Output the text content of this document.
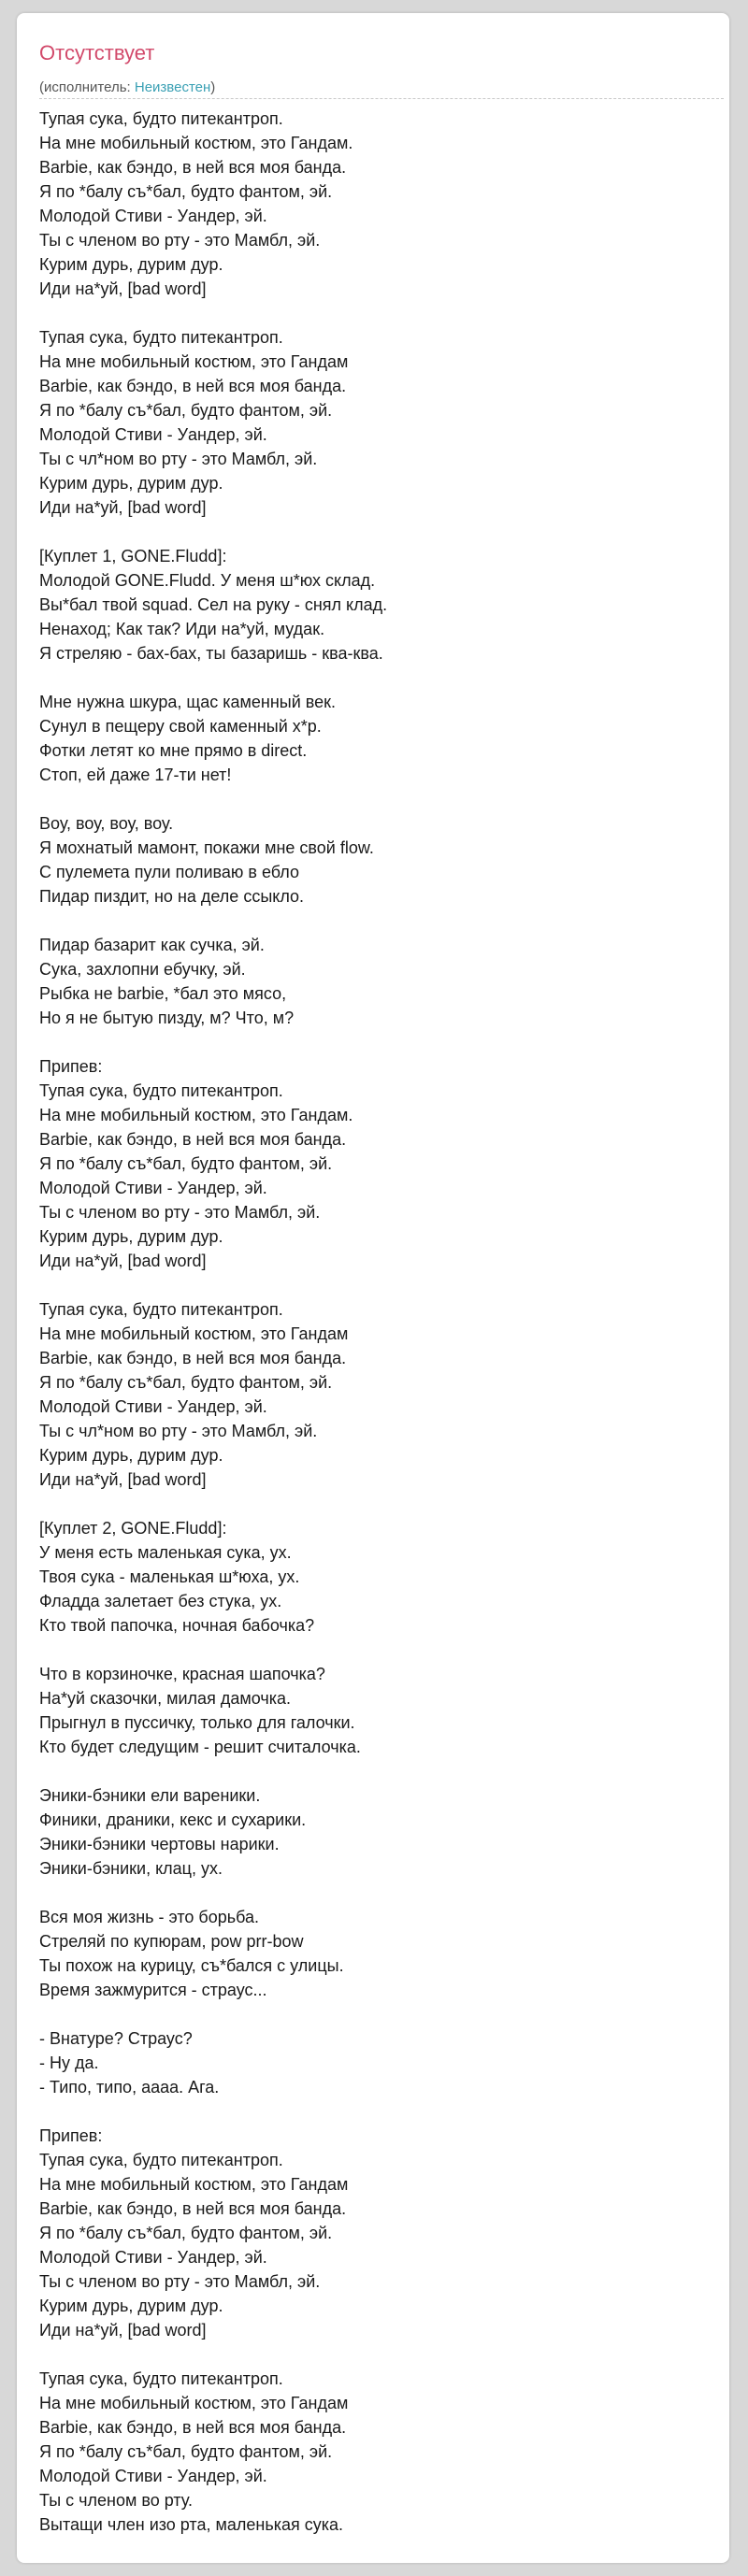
Отсутствует
(исполнитель: Неизвестен)
Тупая сука, будто питекантроп.
На мне мобильный костюм, это Гандам.
Barbie, как бэндо, в ней вся моя банда.
Я по *балу съ*бал, будто фантом, эй.
Молодой Стиви - Уандер, эй.
Ты с членом во рту - это Мамбл, эй.
Курим дурь, дурим дур.
Иди на*уй, [bad word]
Тупая сука, будто питекантроп.
На мне мобильный костюм, это Гандам
Barbie, как бэндо, в ней вся моя банда.
Я по *балу съ*бал, будто фантом, эй.
Молодой Стиви - Уандер, эй.
Ты с чл*ном во рту - это Мамбл, эй.
Курим дурь, дурим дур.
Иди на*уй, [bad word]
[Куплет 1, GONE.Fludd]:
Молодой GONE.Fludd. У меня ш*юх склад.
Вы*бал твой squad. Сел на руку - снял клад.
Ненаход; Как так? Иди на*уй, мудак.
Я стреляю - бах-бах, ты базаришь - ква-ква.
Мне нужна шкура, щас каменный век.
Сунул в пещеру свой каменный х*р.
Фотки летят ко мне прямо в direct.
Стоп, ей даже 17-ти нет!
Воу, воу, воу, воу.
Я мохнатый мамонт, покажи мне свой flow.
С пулемета пули поливаю в ебло
Пидар пиздит, но на деле ссыкло.
Пидар базарит как сучка, эй.
Сука, захлопни ебучку, эй.
Рыбка не barbie, *бал это мясо,
Но я не бытую пизду, м? Что, м?
Припев:
Тупая сука, будто питекантроп.
На мне мобильный костюм, это Гандам.
Barbie, как бэндо, в ней вся моя банда.
Я по *балу съ*бал, будто фантом, эй.
Молодой Стиви - Уандер, эй.
Ты с членом во рту - это Мамбл, эй.
Курим дурь, дурим дур.
Иди на*уй, [bad word]
Тупая сука, будто питекантроп.
На мне мобильный костюм, это Гандам
Barbie, как бэндо, в ней вся моя банда.
Я по *балу съ*бал, будто фантом, эй.
Молодой Стиви - Уандер, эй.
Ты с чл*ном во рту - это Мамбл, эй.
Курим дурь, дурим дур.
Иди на*уй, [bad word]
[Куплет 2, GONE.Fludd]:
У меня есть маленькая сука, ух.
Твоя сука - маленькая ш*юха, ух.
Фладда залетает без стука, ух.
Кто твой папочка, ночная бабочка?
Что в корзиночке, красная шапочка?
На*уй сказочки, милая дамочка.
Прыгнул в пуссичку, только для галочки.
Кто будет следущим - решит считалочка.
Эники-бэники ели вареники.
Финики, драники, кекс и сухарики.
Эники-бэники чертовы нарики.
Эники-бэники, клац, ух.
Вся моя жизнь - это борьба.
Стреляй по купюрам, pow prr-bow
Ты похож на курицу, съ*бался с улицы.
Время зажмурится - страус...
- Внатуре? Страус?
- Ну да.
- Типо, типо, аааа. Ага.
Припев:
Тупая сука, будто питекантроп.
На мне мобильный костюм, это Гандам
Barbie, как бэндо, в ней вся моя банда.
Я по *балу съ*бал, будто фантом, эй.
Молодой Стиви - Уандер, эй.
Ты с членом во рту - это Мамбл, эй.
Курим дурь, дурим дур.
Иди на*уй, [bad word]
Тупая сука, будто питекантроп.
На мне мобильный костюм, это Гандам
Barbie, как бэндо, в ней вся моя банда.
Я по *балу съ*бал, будто фантом, эй.
Молодой Стиви - Уандер, эй.
Ты с членом во рту.
Вытащи член изо рта, маленькая сука.
